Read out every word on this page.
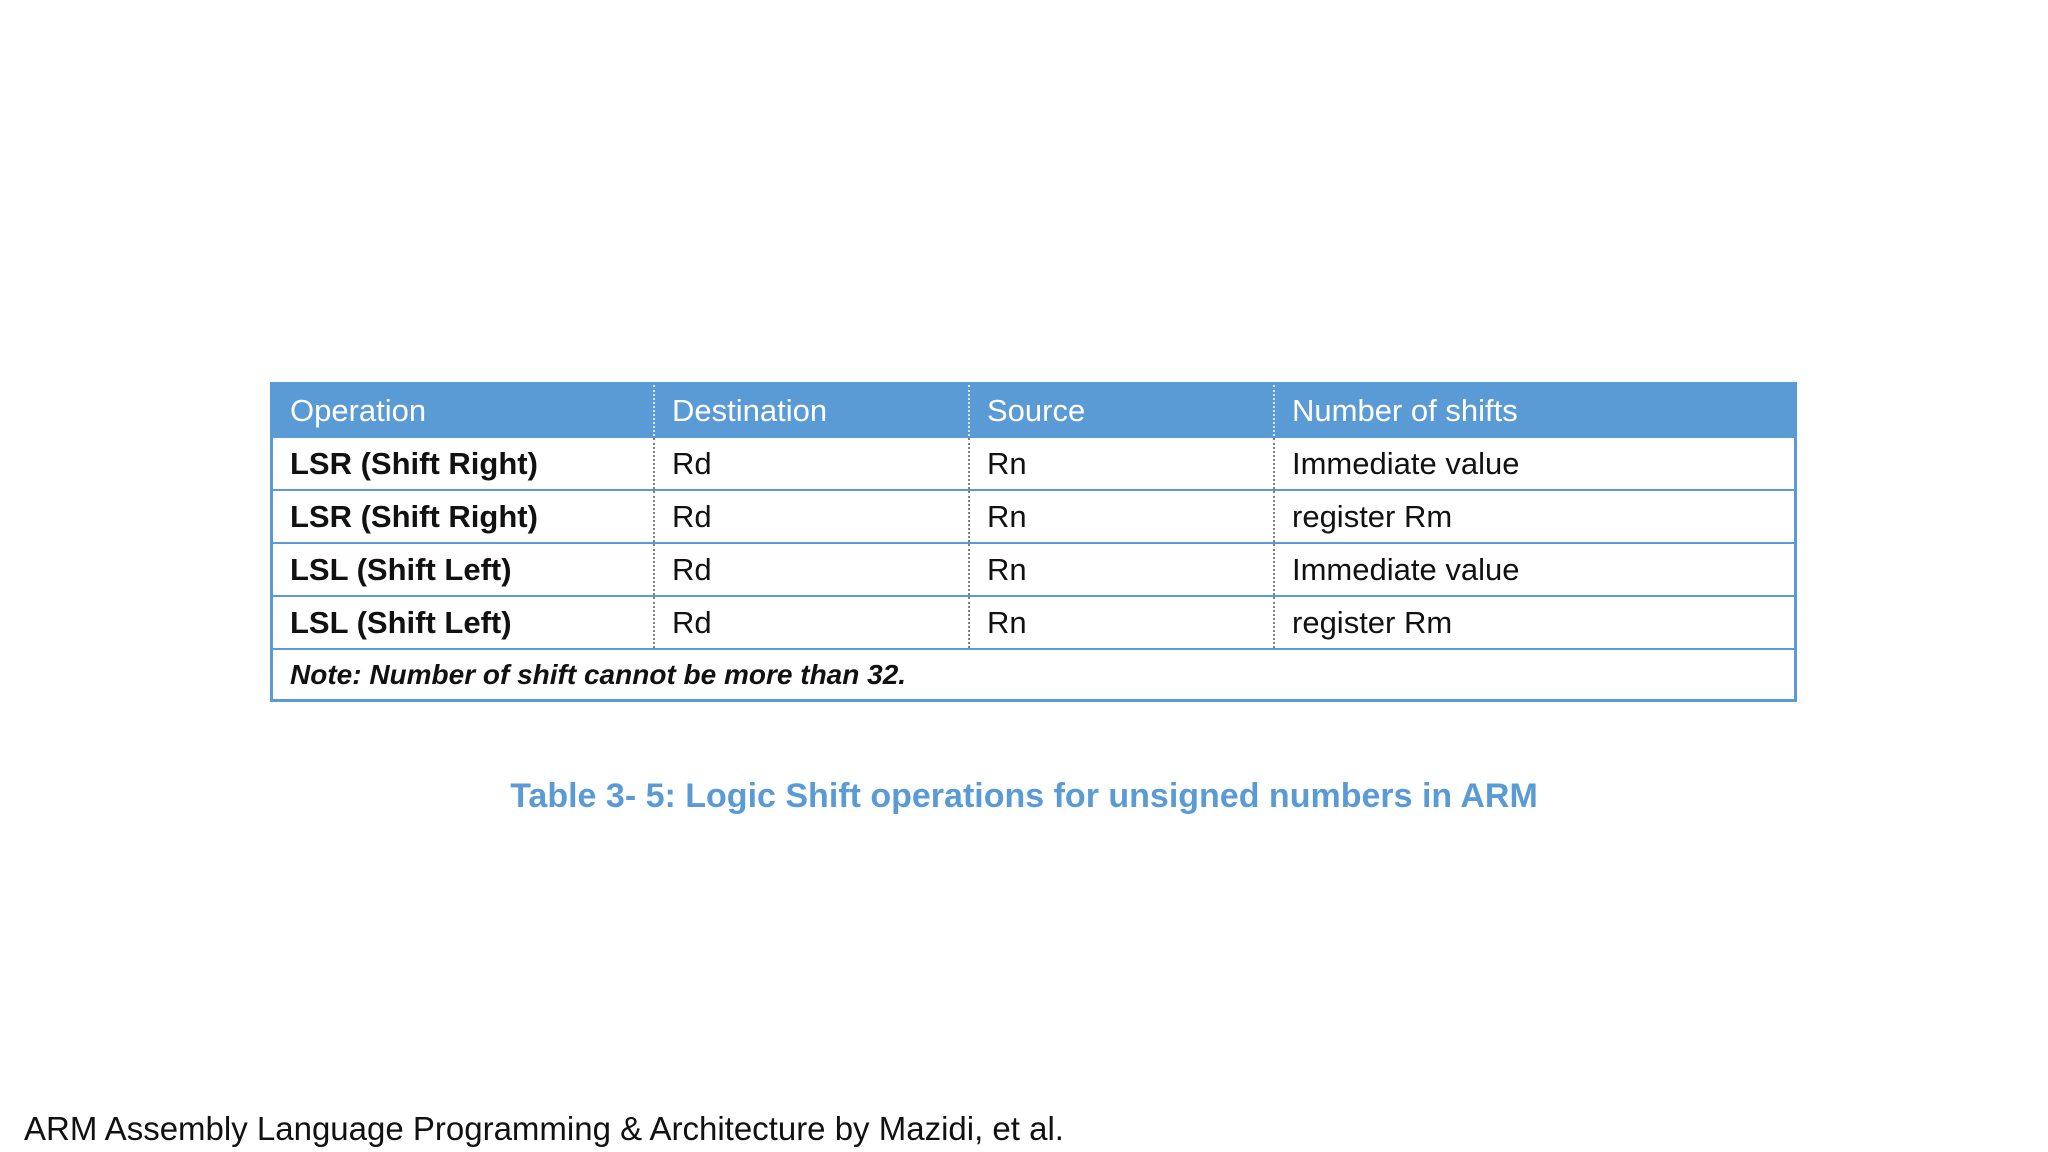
Operation	Destination	Source	Number of shifts
LSR (Shift Right)	Rd	Rn	Immediate value
LSR (Shift Right)	Rd	Rn	register Rm
LSL (Shift Left)	Rd	Rn	Immediate value
LSL (Shift Left)	Rd	Rn	register Rm
Note: Number of shift cannot be more than 32.			
Table 3- 5: Logic Shift operations for unsigned numbers in ARM
ARM Assembly Language Programming & Architecture by Mazidi, et al.
